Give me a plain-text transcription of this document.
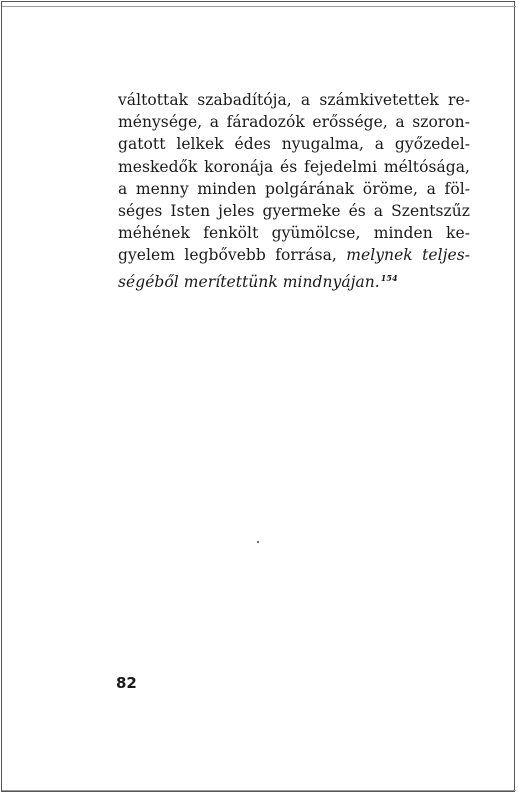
váltottak szabadítója, a számkivetettek re-
ménysége, a fáradozók erőssége, a szoron-
gatott lelkek édes nyugalma, a győzedel-
meskedők koronája és fejedelmi méltósága,
a menny minden polgárának öröme, a föl-
séges Isten jeles gyermeke és a Szentszűz
méhének fenkölt gyümölcse, minden ke-
gyelem legbővebb forrása, melynek teljes-
ségéből merítettünk mindnyájan.$^{154}$

82
